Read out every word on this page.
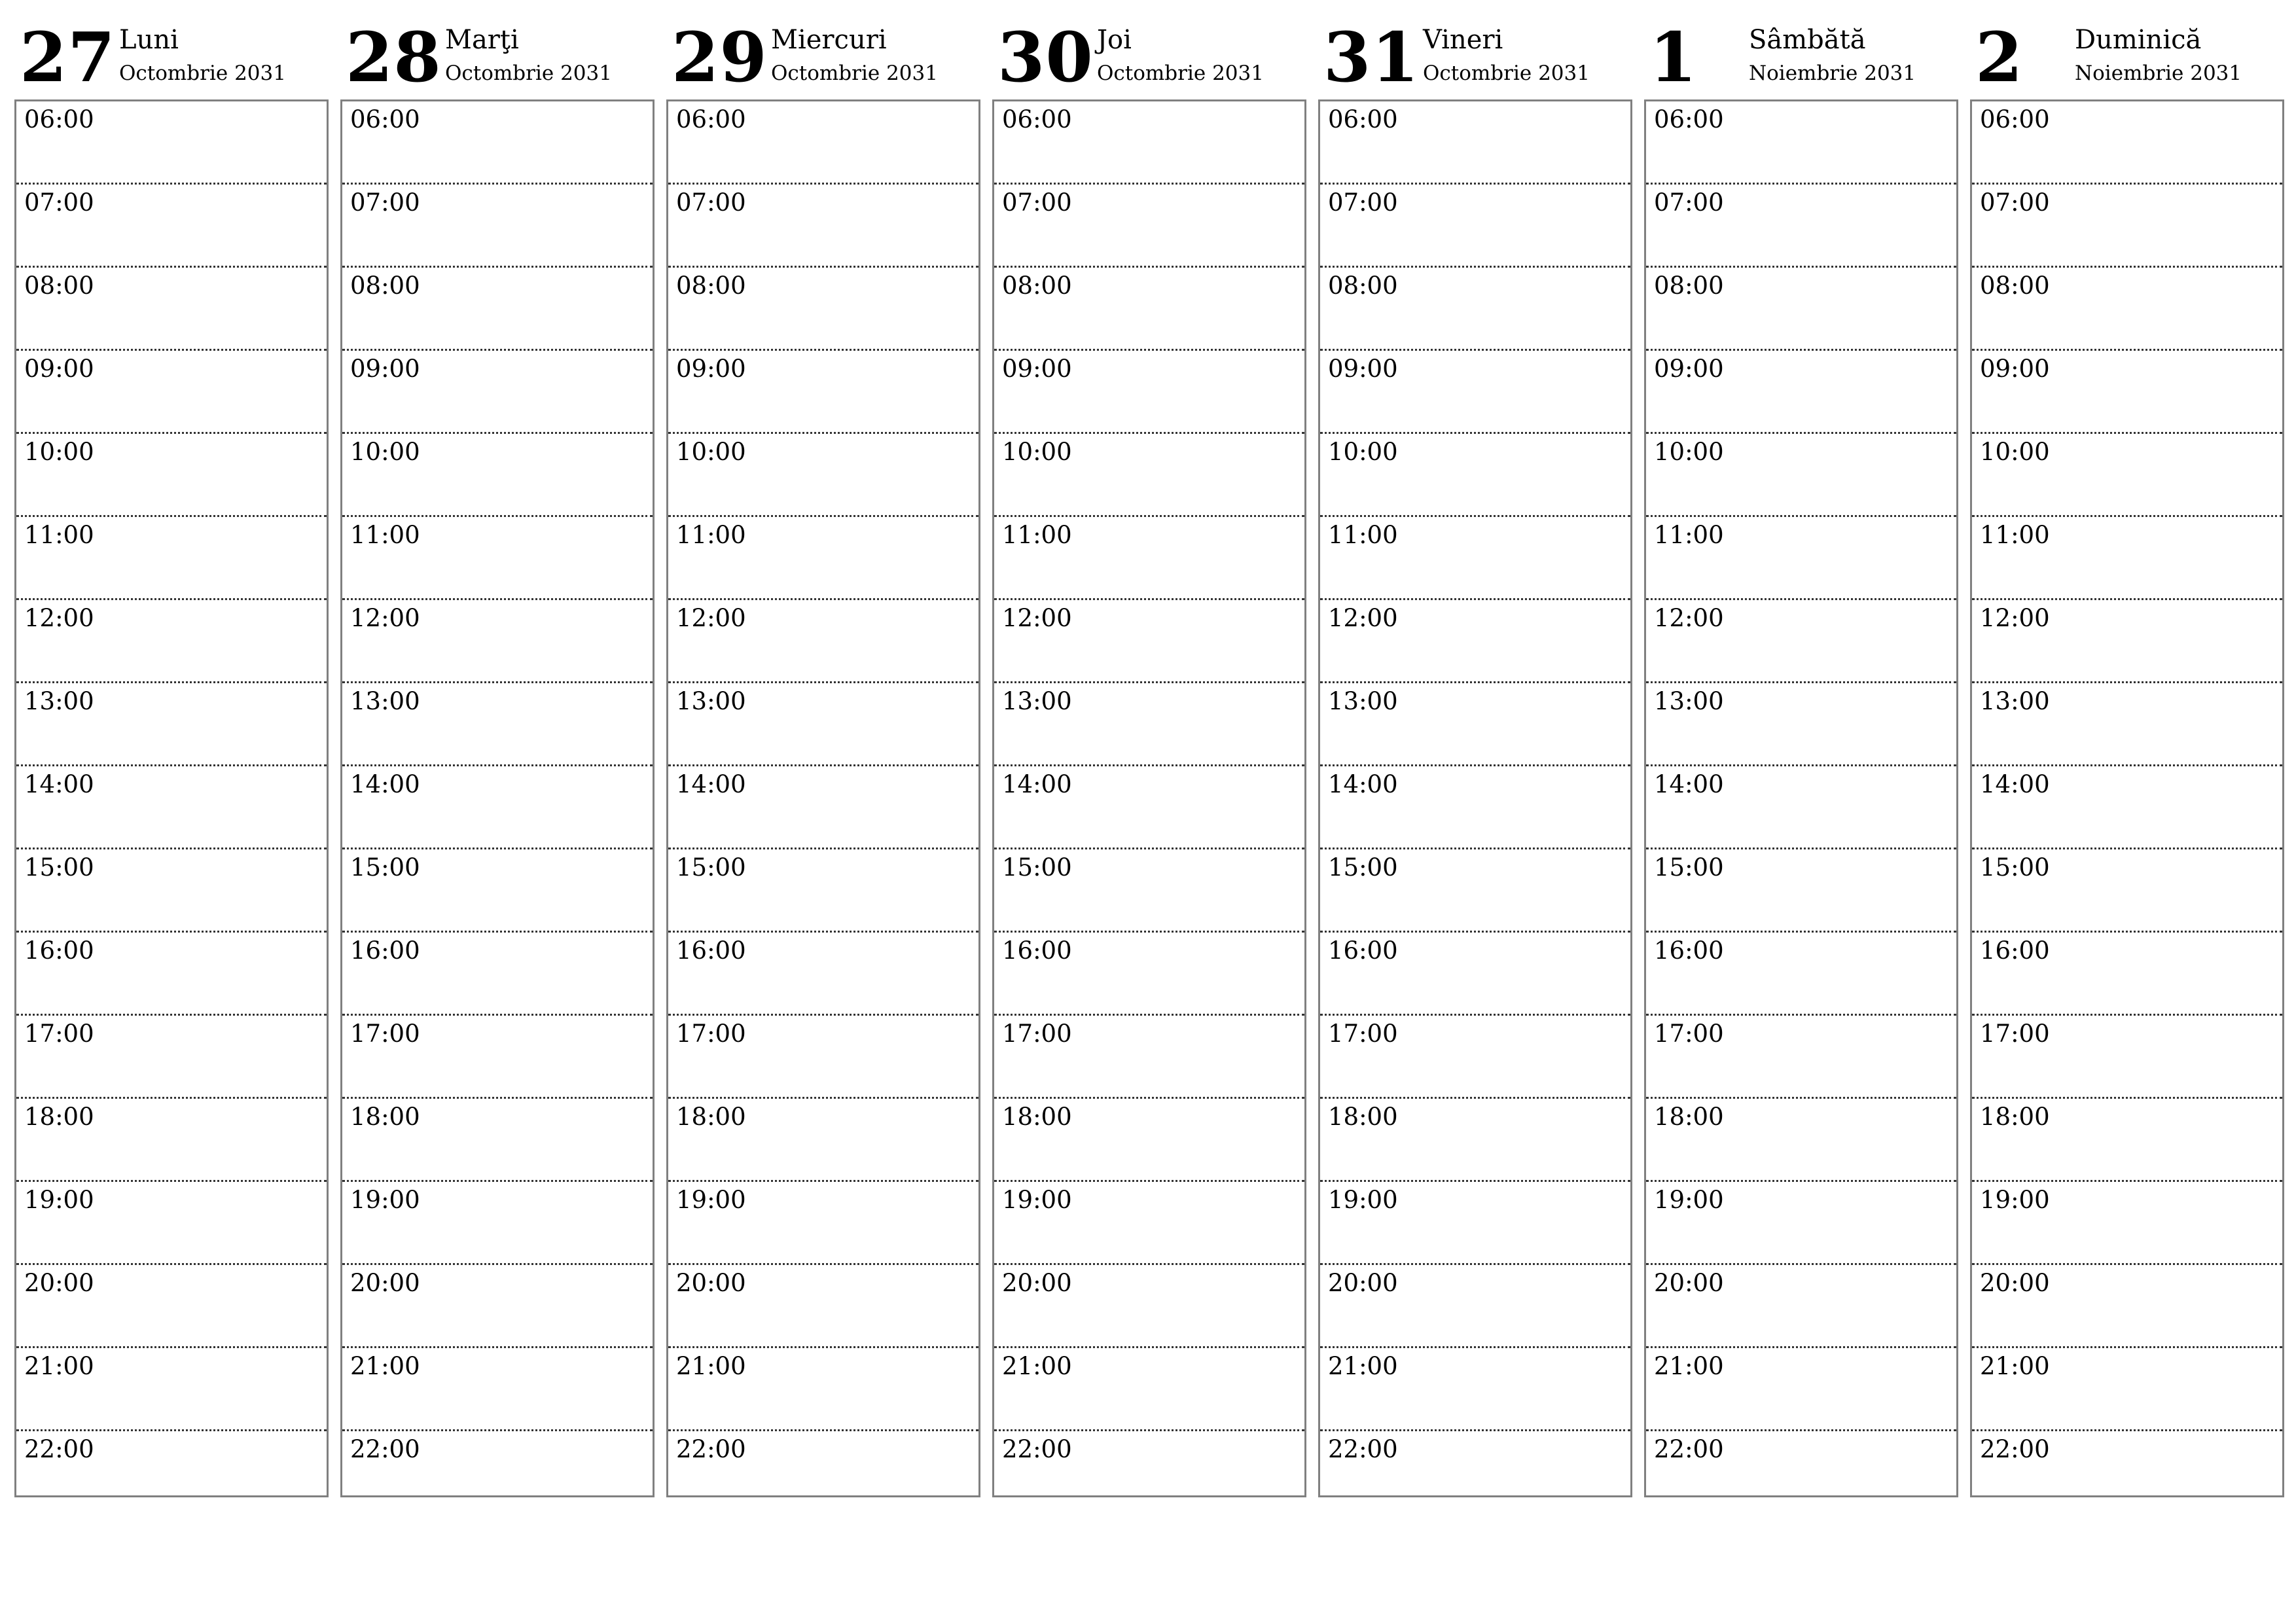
27 Luni
Octombrie 2031
06:00
07:00
08:00
09:00
10:00
11:00
12:00
13:00
14:00
15:00
16:00
17:00
18:00
19:00
20:00
21:00
22:00
28 Marţi
Octombrie 2031
06:00
07:00
08:00
09:00
10:00
11:00
12:00
13:00
14:00
15:00
16:00
17:00
18:00
19:00
20:00
21:00
22:00
29 Miercuri
Octombrie 2031
06:00
07:00
08:00
09:00
10:00
11:00
12:00
13:00
14:00
15:00
16:00
17:00
18:00
19:00
20:00
21:00
22:00
30 Joi
Octombrie 2031
06:00
07:00
08:00
09:00
10:00
11:00
12:00
13:00
14:00
15:00
16:00
17:00
18:00
19:00
20:00
21:00
22:00
31 Vineri
Octombrie 2031
06:00
07:00
08:00
09:00
10:00
11:00
12:00
13:00
14:00
15:00
16:00
17:00
18:00
19:00
20:00
21:00
22:00
1 Sâmbătă
Noiembrie 2031
06:00
07:00
08:00
09:00
10:00
11:00
12:00
13:00
14:00
15:00
16:00
17:00
18:00
19:00
20:00
21:00
22:00
2 Duminică
Noiembrie 2031
06:00
07:00
08:00
09:00
10:00
11:00
12:00
13:00
14:00
15:00
16:00
17:00
18:00
19:00
20:00
21:00
22:00
